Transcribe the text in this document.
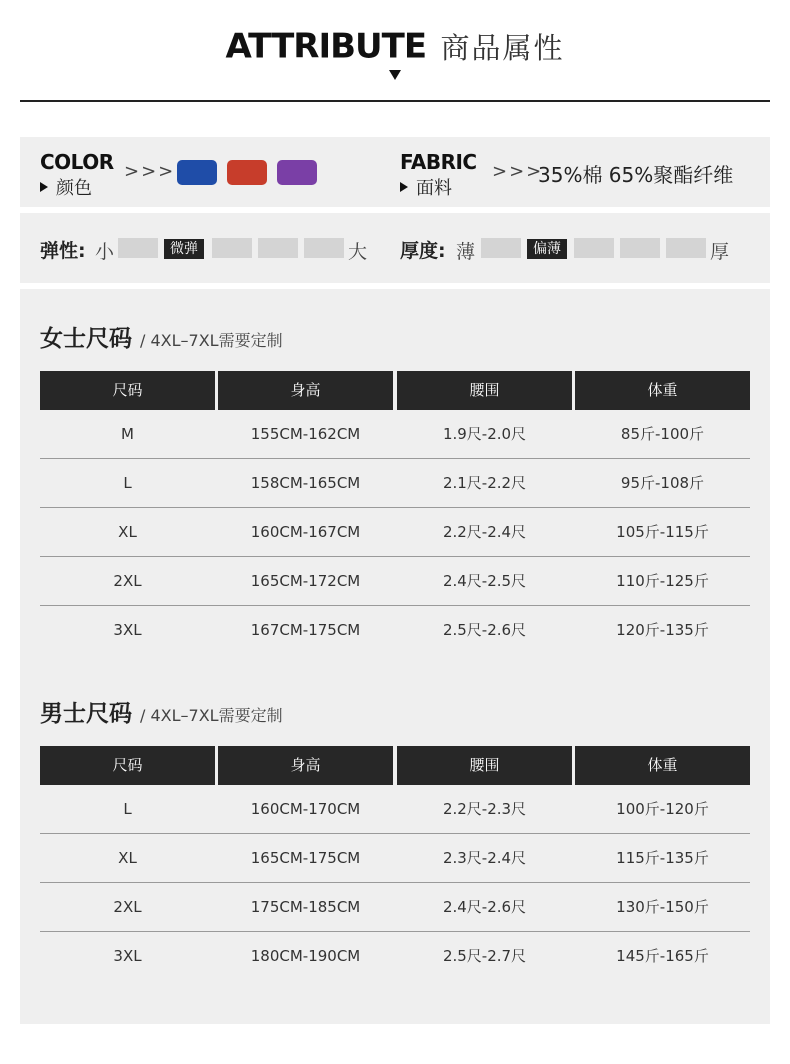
ATTRIBUTE 商品属性
COLOR
颜色
>>>	FABRIC
面料
>>>
35%棉 65%聚酯纤维
弹性: 小	微弹	大 厚度: 薄	偏薄	厚
女士尺码 / 4XL–7XL需要定制
尺码	身高	腰围	体重
M	155CM-162CM	1.9尺-2.0尺	85斤-100斤
L	158CM-165CM	2.1尺-2.2尺	95斤-108斤
XL	160CM-167CM	2.2尺-2.4尺	105斤-115斤
2XL	165CM-172CM	2.4尺-2.5尺	110斤-125斤
3XL	167CM-175CM	2.5尺-2.6尺	120斤-135斤
男士尺码 / 4XL–7XL需要定制
尺码	身高	腰围	体重
L	160CM-170CM	2.2尺-2.3尺	100斤-120斤
XL	165CM-175CM	2.3尺-2.4尺	115斤-135斤
2XL	175CM-185CM	2.4尺-2.6尺	130斤-150斤
3XL	180CM-190CM	2.5尺-2.7尺	145斤-165斤
